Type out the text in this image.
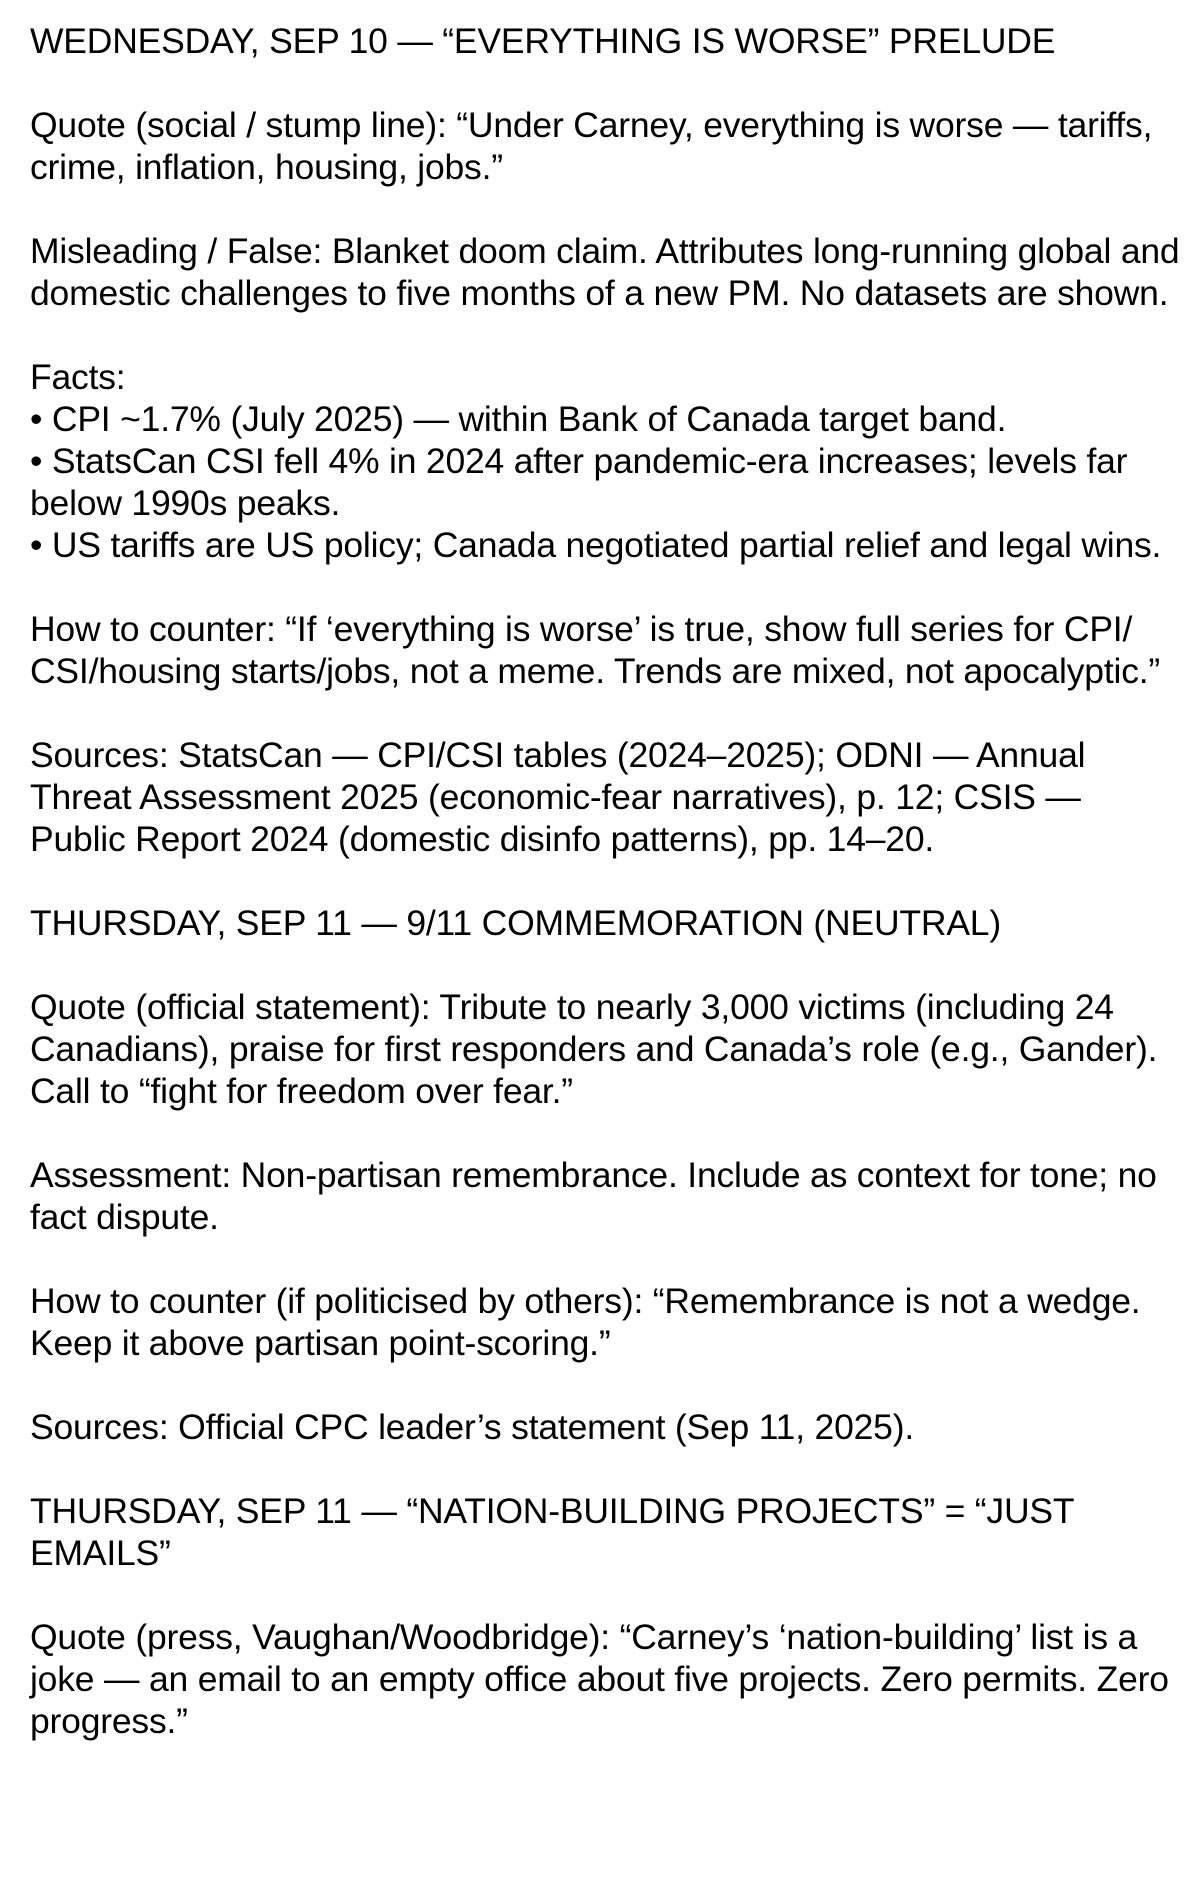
WEDNESDAY, SEP 10 — “EVERYTHING IS WORSE” PRELUDE

Quote (social / stump line): “Under Carney, everything is worse — tariffs, crime, inflation, housing, jobs.”

Misleading / False: Blanket doom claim. Attributes long-running global and domestic challenges to five months of a new PM. No datasets are shown.

Facts:
• CPI ~1.7% (July 2025) — within Bank of Canada target band.
• StatsCan CSI fell 4% in 2024 after pandemic-era increases; levels far below 1990s peaks.
• US tariffs are US policy; Canada negotiated partial relief and legal wins.

How to counter: “If ‘everything is worse’ is true, show full series for CPI/ CSI/housing starts/jobs, not a meme. Trends are mixed, not apocalyptic.”

Sources: StatsCan — CPI/CSI tables (2024–2025); ODNI — Annual Threat Assessment 2025 (economic-fear narratives), p. 12; CSIS — Public Report 2024 (domestic disinfo patterns), pp. 14–20.

THURSDAY, SEP 11 — 9/11 COMMEMORATION (NEUTRAL)

Quote (official statement): Tribute to nearly 3,000 victims (including 24 Canadians), praise for first responders and Canada’s role (e.g., Gander). Call to “fight for freedom over fear.”

Assessment: Non-partisan remembrance. Include as context for tone; no fact dispute.

How to counter (if politicised by others): “Remembrance is not a wedge. Keep it above partisan point-scoring.”

Sources: Official CPC leader’s statement (Sep 11, 2025).

THURSDAY, SEP 11 — “NATION-BUILDING PROJECTS” = “JUST EMAILS”

Quote (press, Vaughan/Woodbridge): “Carney’s ‘nation-building’ list is a joke — an email to an empty office about five projects. Zero permits. Zero progress.”
